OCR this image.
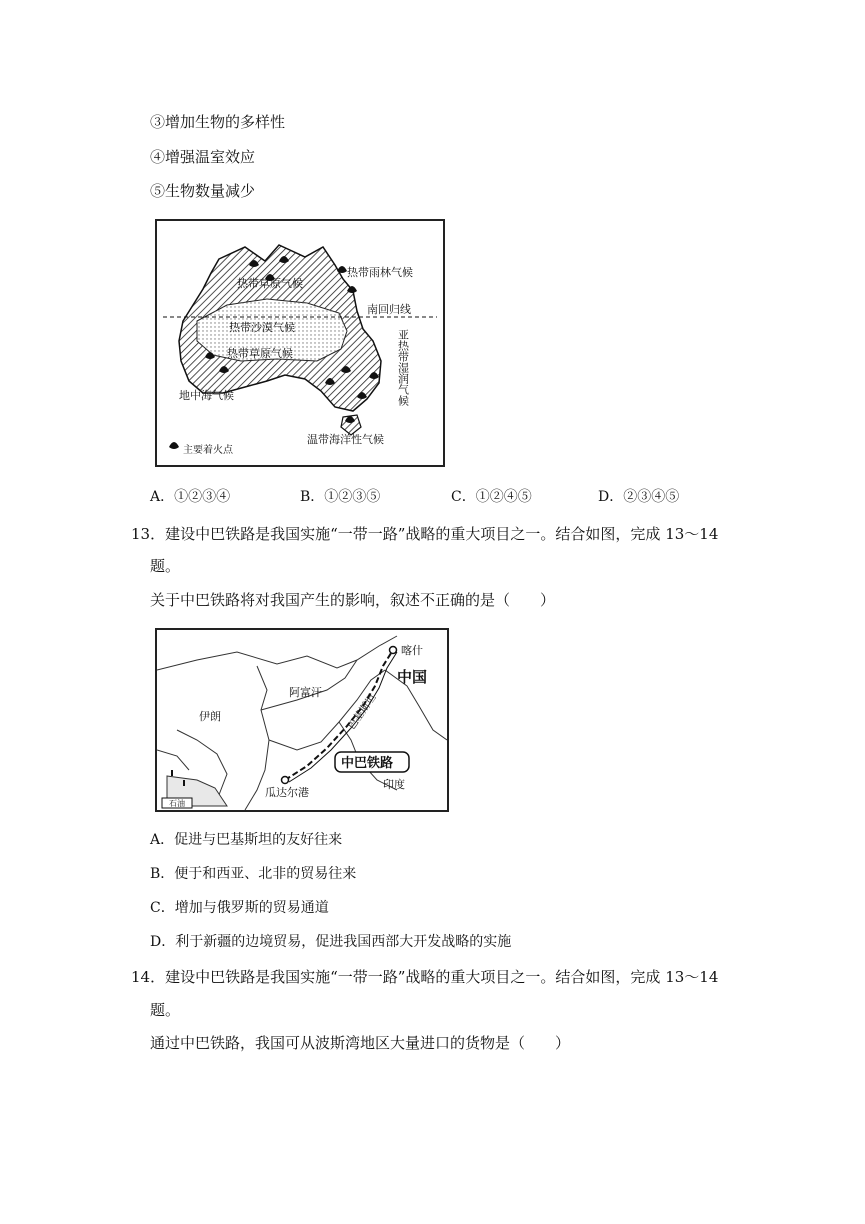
③增加生物的多样性
④增强温室效应
⑤生物数量减少
热带草原气候
热带雨林气候
南回归线
热带沙漠气候
热带草原气候
地中海气候
温带海洋性气候
主要着火点
亚热带湿润气候
A．①②③④	B．①②③⑤	C．①②④⑤	D．②③④⑤
13．建设中巴铁路是我国实施“一带一路”战略的重大项目之一。结合如图，完成 13～14
题。
关于中巴铁路将对我国产生的影响，叙述不正确的是（　　）
喀什
中国
阿富汗
伊朗	巴基斯坦
中巴铁路
印度
瓜达尔港
石油
A．促进与巴基斯坦的友好往来
B．便于和西亚、北非的贸易往来
C．增加与俄罗斯的贸易通道
D．利于新疆的边境贸易，促进我国西部大开发战略的实施
14．建设中巴铁路是我国实施“一带一路”战略的重大项目之一。结合如图，完成 13～14
题。
通过中巴铁路，我国可从波斯湾地区大量进口的货物是（　　）
